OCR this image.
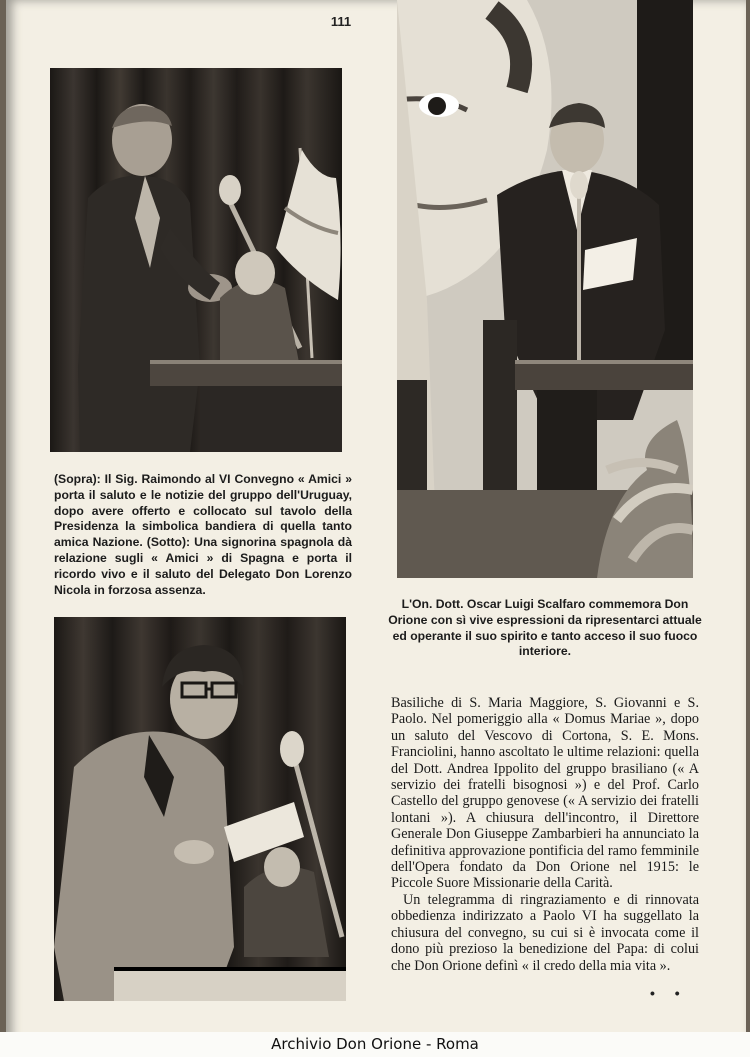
111
(Sopra): Il Sig. Raimondo al VI Convegno « Amici » porta il saluto e le notizie del gruppo dell'Uruguay, dopo avere offerto e collocato sul tavolo della Presidenza la simbolica bandiera di quella tanto amica Nazione. (Sotto): Una signorina spagnola dà relazione sugli « Amici » di Spagna e porta il ricordo vivo e il saluto del Delegato Don Lorenzo Nicola in forzosa assenza.
L'On. Dott. Oscar Luigi Scalfaro commemora Don Orione con sì vive espressioni da ripresentarci attuale ed operante il suo spirito e tanto acceso il suo fuoco interiore.

Basiliche di S. Maria Maggiore, S. Giovanni e S. Paolo. Nel pomeriggio alla « Domus Mariae », dopo un saluto del Vescovo di Cortona, S. E. Mons. Franciolini, hanno ascoltato le ultime relazioni: quella del Dott. Andrea Ippolito del gruppo brasiliano (« A servizio dei fratelli bisognosi ») e del Prof. Carlo Castello del gruppo genovese (« A servizio dei fratelli lontani »). A chiusura dell'incontro, il Direttore Generale Don Giuseppe Zambarbieri ha annunciato la definitiva approvazione pontificia del ramo femminile dell'Opera fondato da Don Orione nel 1915: le Piccole Suore Missionarie della Carità.

Un telegramma di ringraziamento e di rinnovata obbedienza indirizzato a Paolo VI ha suggellato la chiusura del convegno, su cui si è invocata come il dono più prezioso la benedizione del Papa: di colui che Don Orione definì « il credo della mia vita ».

• •
Archivio Don Orione - Roma
